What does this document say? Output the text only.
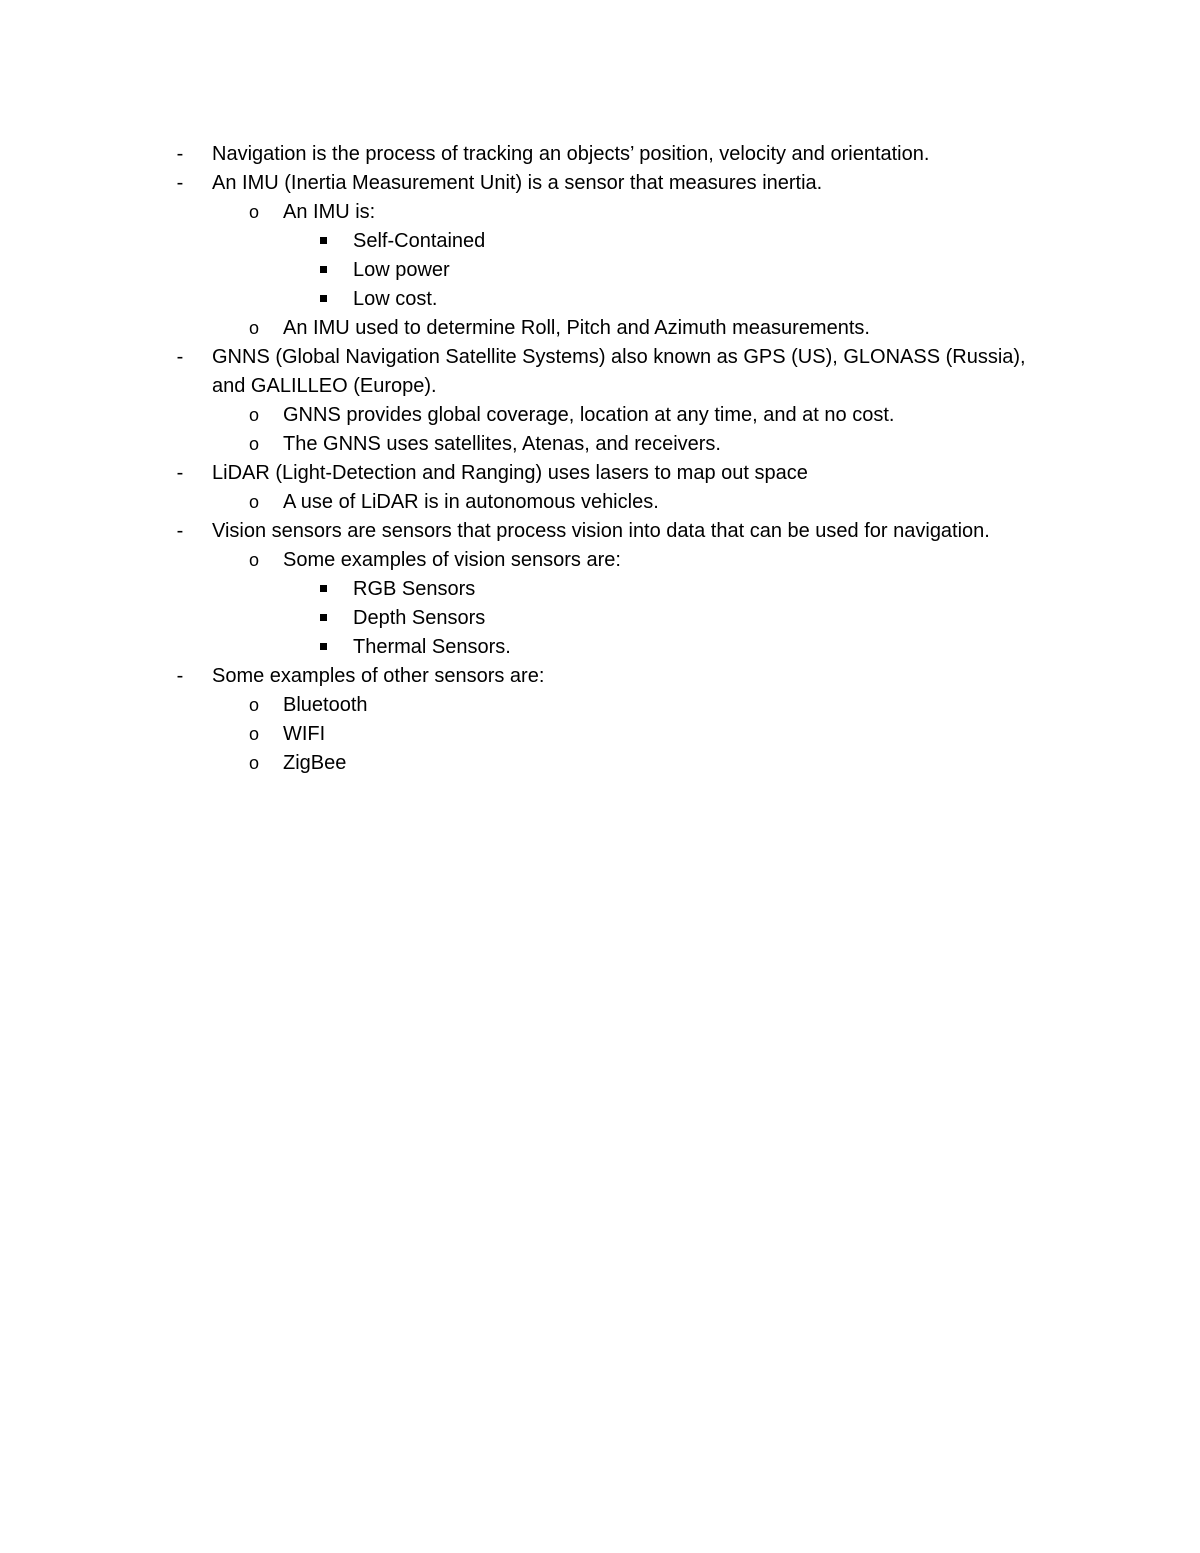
-	Navigation is the process of tracking an objects’ position, velocity and orientation.
-	An IMU (Inertia Measurement Unit) is a sensor that measures inertia.
o An IMU is:
Self-Contained
Low power
Low cost.
o An IMU used to determine Roll, Pitch and Azimuth measurements.
-	GNNS (Global Navigation Satellite Systems) also known as GPS (US), GLONASS (Russia),
and GALILLEO (Europe).
o GNNS provides global coverage, location at any time, and at no cost.
o The GNNS uses satellites, Atenas, and receivers.
-	LiDAR (Light-Detection and Ranging) uses lasers to map out space
o A use of LiDAR is in autonomous vehicles.
-	Vision sensors are sensors that process vision into data that can be used for navigation.
o Some examples of vision sensors are:
RGB Sensors
Depth Sensors
Thermal Sensors.
-	Some examples of other sensors are:
o Bluetooth
o WIFI
o ZigBee
